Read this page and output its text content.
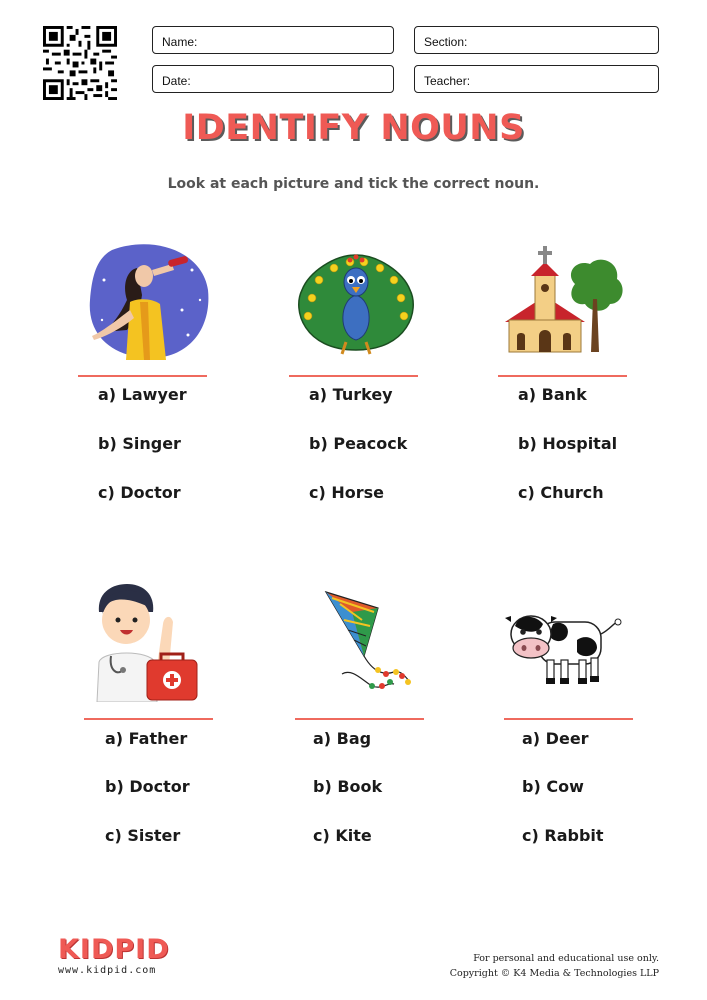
Name:	Section:
Date:	Teacher:
IDENTIFY NOUNS
Look at each picture and tick the correct noun.
a) Lawyer
b) Singer
c) Doctor
a) Turkey
b) Peacock
c) Horse
a) Bank
b) Hospital
c) Church
a) Father
b) Doctor
c) Sister
a) Bag
b) Book
c) Kite
a) Deer
b) Cow
c) Rabbit
KIDPID
www.kidpid.com
For personal and educational use only.
Copyright © K4 Media & Technologies LLP
